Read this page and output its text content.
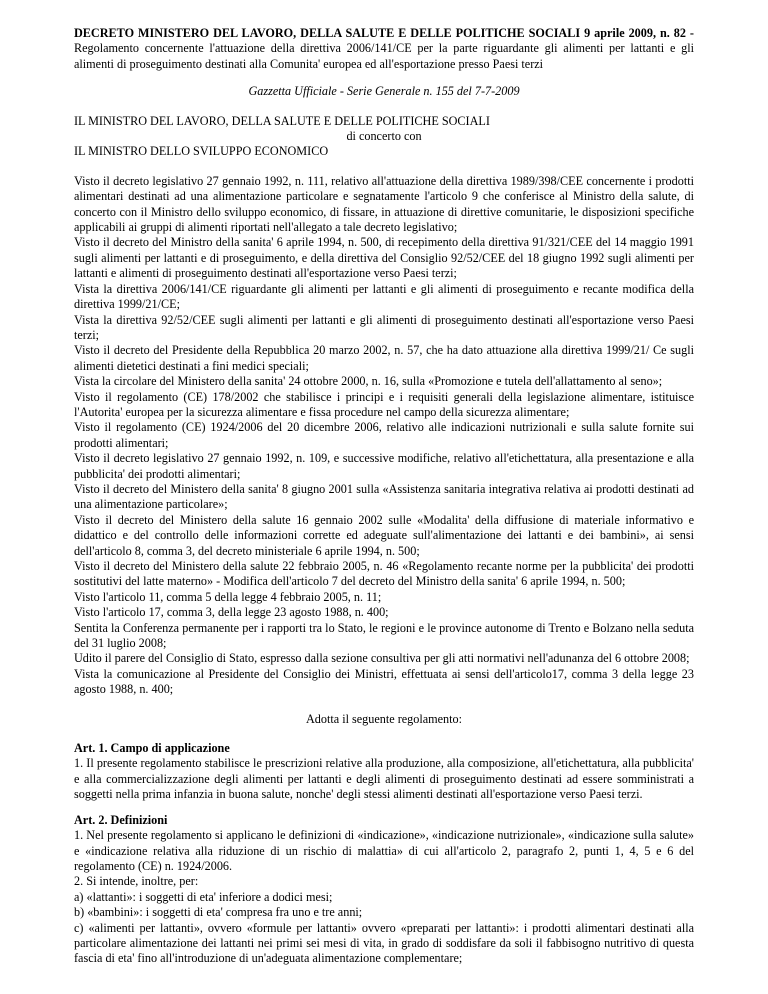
DECRETO MINISTERO DEL LAVORO, DELLA SALUTE E DELLE POLITICHE SOCIALI 9 aprile 2009, n. 82 - Regolamento concernente l'attuazione della direttiva 2006/141/CE per la parte riguardante gli alimenti per lattanti e gli alimenti di proseguimento destinati alla Comunita' europea ed all'esportazione presso Paesi terzi

Gazzetta Ufficiale - Serie Generale n. 155 del 7-7-2009

IL MINISTRO DEL LAVORO, DELLA SALUTE E DELLE POLITICHE SOCIALI

di concerto con

IL MINISTRO DELLO SVILUPPO ECONOMICO

Visto il decreto legislativo 27 gennaio 1992, n. 111, relativo all'attuazione della direttiva 1989/398/CEE concernente i prodotti alimentari destinati ad una alimentazione particolare e segnatamente l'articolo 9 che conferisce al Ministro della salute, di concerto con il Ministro dello sviluppo economico, di fissare, in attuazione di direttive comunitarie, le disposizioni specifiche applicabili ai gruppi di alimenti riportati nell'allegato a tale decreto legislativo;

Visto il decreto del Ministro della sanita' 6 aprile 1994, n. 500, di recepimento della direttiva 91/321/CEE del 14 maggio 1991 sugli alimenti per lattanti e di proseguimento, e della direttiva del Consiglio 92/52/CEE del 18 giugno 1992 sugli alimenti per lattanti e alimenti di proseguimento destinati all'esportazione verso Paesi terzi;

Vista la direttiva 2006/141/CE riguardante gli alimenti per lattanti e gli alimenti di proseguimento e recante modifica della direttiva 1999/21/CE;

Vista la direttiva 92/52/CEE sugli alimenti per lattanti e gli alimenti di proseguimento destinati all'esportazione verso Paesi terzi;

Visto il decreto del Presidente della Repubblica 20 marzo 2002, n. 57, che ha dato attuazione alla direttiva 1999/21/ Ce sugli alimenti dietetici destinati a fini medici speciali;

Vista la circolare del Ministero della sanita' 24 ottobre 2000, n. 16, sulla «Promozione e tutela dell'allattamento al seno»;

Visto il regolamento (CE) 178/2002 che stabilisce i principi e i requisiti generali della legislazione alimentare, istituisce l'Autorita' europea per la sicurezza alimentare e fissa procedure nel campo della sicurezza alimentare;

Visto il regolamento (CE) 1924/2006 del 20 dicembre 2006, relativo alle indicazioni nutrizionali e sulla salute fornite sui prodotti alimentari;

Visto il decreto legislativo 27 gennaio 1992, n. 109, e successive modifiche, relativo all'etichettatura, alla presentazione e alla pubblicita' dei prodotti alimentari;

Visto il decreto del Ministero della sanita' 8 giugno 2001 sulla «Assistenza sanitaria integrativa relativa ai prodotti destinati ad una alimentazione particolare»;

Visto il decreto del Ministero della salute 16 gennaio 2002 sulle «Modalita' della diffusione di materiale informativo e didattico e del controllo delle informazioni corrette ed adeguate sull'alimentazione dei lattanti e dei bambini», ai sensi dell'articolo 8, comma 3, del decreto ministeriale 6 aprile 1994, n. 500;

Visto il decreto del Ministero della salute 22 febbraio 2005, n. 46 «Regolamento recante norme per la pubblicita' dei prodotti sostitutivi del latte materno» - Modifica dell'articolo 7 del decreto del Ministro della sanita' 6 aprile 1994, n. 500;

Visto l'articolo 11, comma 5 della legge 4 febbraio 2005, n. 11;

Visto l'articolo 17, comma 3, della legge 23 agosto 1988, n. 400;

Sentita la Conferenza permanente per i rapporti tra lo Stato, le regioni e le province autonome di Trento e Bolzano nella seduta del 31 luglio 2008;

Udito il parere del Consiglio di Stato, espresso dalla sezione consultiva per gli atti normativi nell'adunanza del 6 ottobre 2008;

Vista la comunicazione al Presidente del Consiglio dei Ministri, effettuata ai sensi dell'articolo17, comma 3 della legge 23 agosto 1988, n. 400;

Adotta il seguente regolamento:

Art. 1. Campo di applicazione

1. Il presente regolamento stabilisce le prescrizioni relative alla produzione, alla composizione, all'etichettatura, alla pubblicita' e alla commercializzazione degli alimenti per lattanti e degli alimenti di proseguimento destinati ad essere somministrati a soggetti nella prima infanzia in buona salute, nonche' degli stessi alimenti destinati all'esportazione verso Paesi terzi.

Art. 2. Definizioni

1. Nel presente regolamento si applicano le definizioni di «indicazione», «indicazione nutrizionale», «indicazione sulla salute» e «indicazione relativa alla riduzione di un rischio di malattia» di cui all'articolo 2, paragrafo 2, punti 1, 4, 5 e 6 del regolamento (CE) n. 1924/2006.

2. Si intende, inoltre, per:

a) «lattanti»: i soggetti di eta' inferiore a dodici mesi;

b) «bambini»: i soggetti di eta' compresa fra uno e tre anni;

c) «alimenti per lattanti», ovvero «formule per lattanti» ovvero «preparati per lattanti»: i prodotti alimentari destinati alla particolare alimentazione dei lattanti nei primi sei mesi di vita, in grado di soddisfare da soli il fabbisogno nutritivo di questa fascia di eta' fino all'introduzione di un'adeguata alimentazione complementare;
